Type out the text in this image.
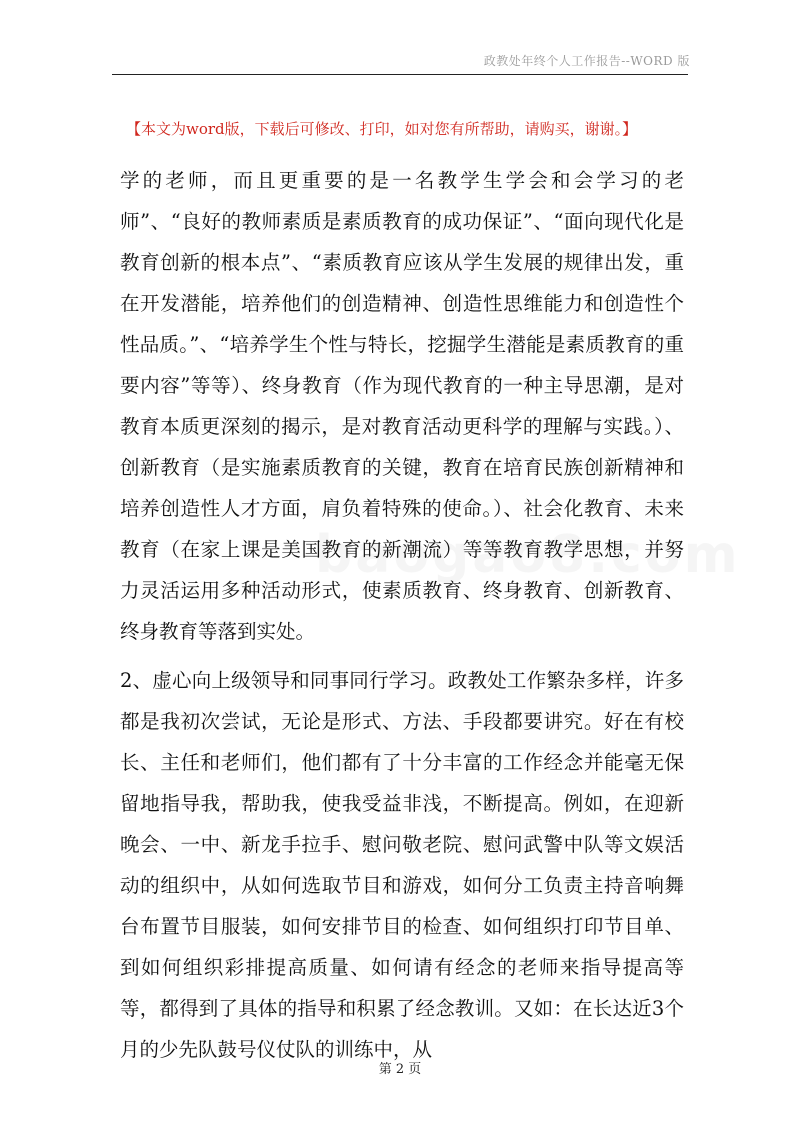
政教处年终个人工作报告--WORD 版
【本文为word版，下载后可修改、打印，如对您有所帮助，请购买，谢谢。】

学的老师，而且更重要的是一名教学生学会和会学习的老师”、“良好的教师素质是素质教育的成功保证”、“面向现代化是教育创新的根本点”、“素质教育应该从学生发展的规律出发，重在开发潜能，培养他们的创造精神、创造性思维能力和创造性个性品质。”、“培养学生个性与特长，挖掘学生潜能是素质教育的重要内容”等等）、终身教育（作为现代教育的一种主导思潮，是对教育本质更深刻的揭示，是对教育活动更科学的理解与实践。）、创新教育（是实施素质教育的关键，教育在培育民族创新精神和培养创造性人才方面，肩负着特殊的使命。）、社会化教育、未来教育（在家上课是美国教育的新潮流）等等教育教学思想，并努力灵活运用多种活动形式，使素质教育、终身教育、创新教育、终身教育等落到实处。

2、虚心向上级领导和同事同行学习。政教处工作繁杂多样，许多都是我初次尝试，无论是形式、方法、手段都要讲究。好在有校长、主任和老师们，他们都有了十分丰富的工作经念并能毫无保留地指导我，帮助我，使我受益非浅，不断提高。例如，在迎新晚会、一中、新龙手拉手、慰问敬老院、慰问武警中队等文娱活动的组织中，从如何选取节目和游戏，如何分工负责主持音响舞台布置节目服装，如何安排节目的检查、如何组织打印节目单、到如何组织彩排提高质量、如何请有经念的老师来指导提高等等，都得到了具体的指导和积累了经念教训。又如：在长达近3个月的少先队鼓号仪仗队的训练中，从

第 2 页
